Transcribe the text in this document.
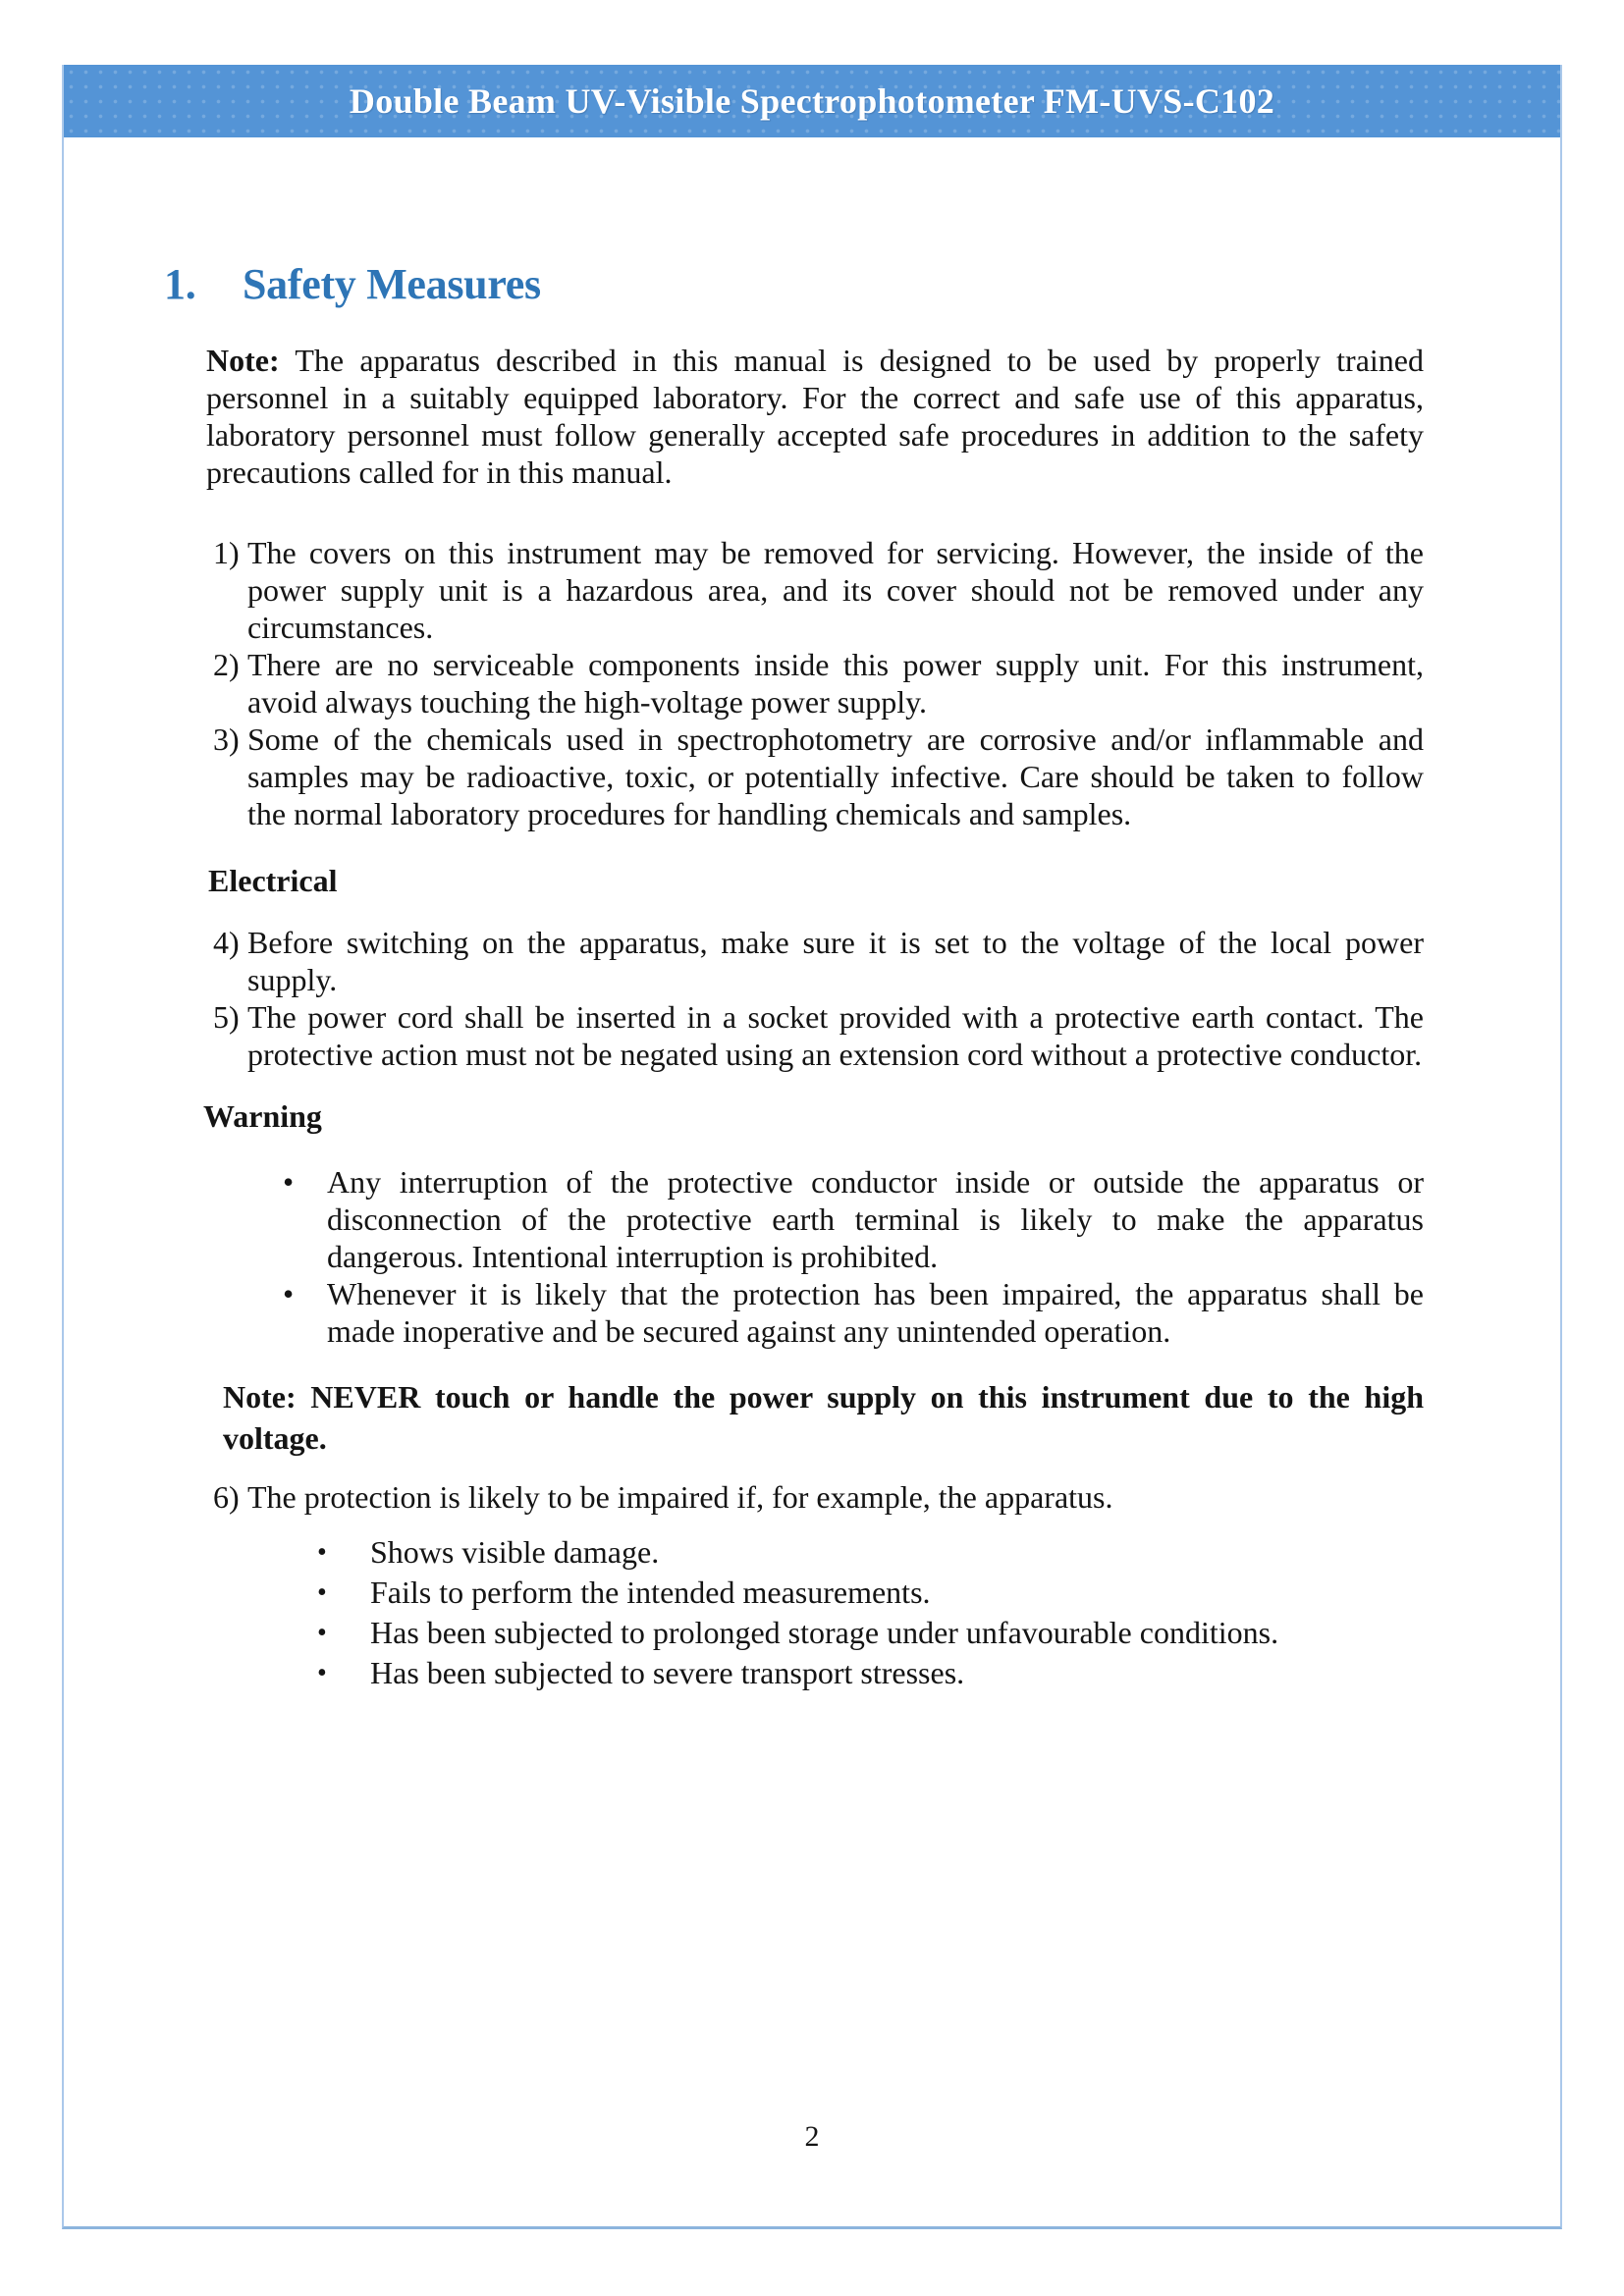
Double Beam UV-Visible Spectrophotometer FM-UVS-C102
1. Safety Measures

Note: The apparatus described in this manual is designed to be used by properly trained personnel in a suitably equipped laboratory. For the correct and safe use of this apparatus, laboratory personnel must follow generally accepted safe procedures in addition to the safety precautions called for in this manual.

1) The covers on this instrument may be removed for servicing. However, the inside of the power supply unit is a hazardous area, and its cover should not be removed under any circumstances.
2) There are no serviceable components inside this power supply unit. For this instrument, avoid always touching the high-voltage power supply.
3) Some of the chemicals used in spectrophotometry are corrosive and/or inflammable and samples may be radioactive, toxic, or potentially infective. Care should be taken to follow the normal laboratory procedures for handling chemicals and samples.
Electrical
4) Before switching on the apparatus, make sure it is set to the voltage of the local power supply.
5) The power cord shall be inserted in a socket provided with a protective earth contact. The protective action must not be negated using an extension cord without a protective conductor.
Warning
• Any interruption of the protective conductor inside or outside the apparatus or disconnection of the protective earth terminal is likely to make the apparatus dangerous. Intentional interruption is prohibited.
• Whenever it is likely that the protection has been impaired, the apparatus shall be made inoperative and be secured against any unintended operation.

Note: NEVER touch or handle the power supply on this instrument due to the high voltage.

6) The protection is likely to be impaired if, for example, the apparatus.
• Shows visible damage.
• Fails to perform the intended measurements.
• Has been subjected to prolonged storage under unfavourable conditions.
• Has been subjected to severe transport stresses.
2
